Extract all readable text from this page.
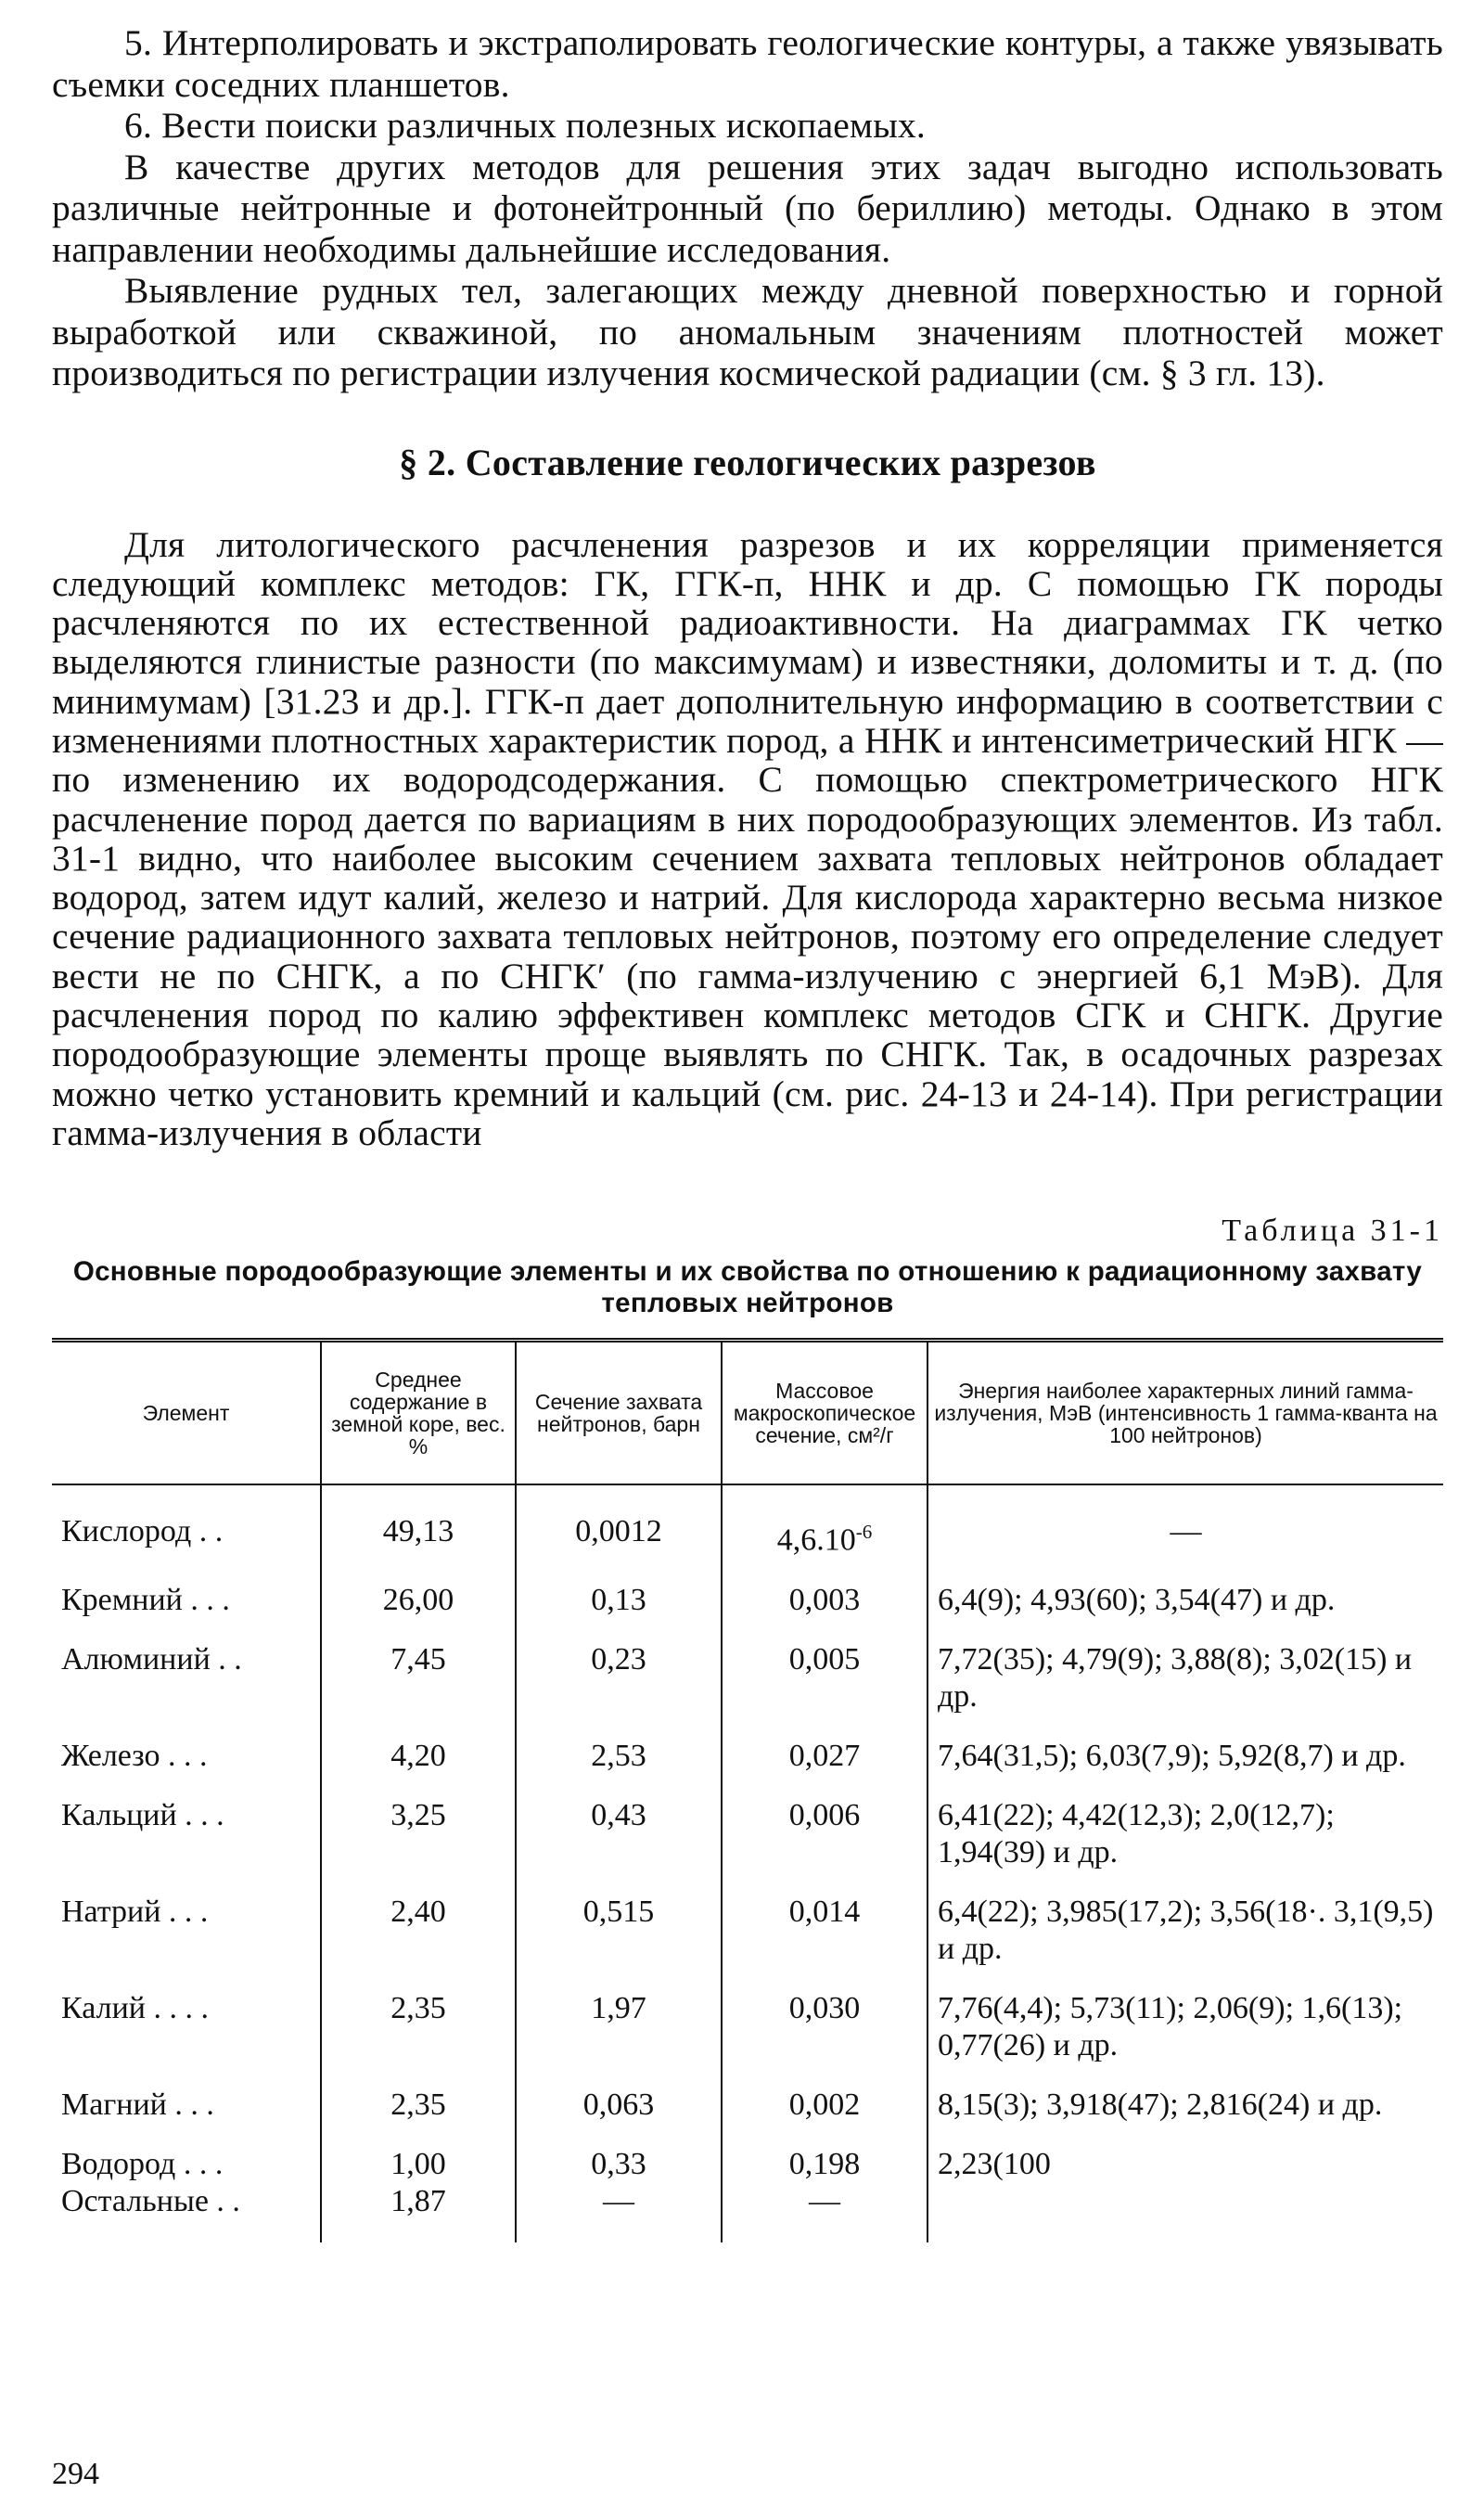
5. Интерполировать и экстраполировать геологические контуры, а также увязывать съемки соседних планшетов.

6. Вести поиски различных полезных ископаемых.

В качестве других методов для решения этих задач выгодно использовать различные нейтронные и фотонейтронный (по бериллию) методы. Однако в этом направлении необходимы дальнейшие исследования.

Выявление рудных тел, залегающих между дневной поверхностью и горной выработкой или скважиной, по аномальным значениям плотностей может производиться по регистрации излучения космической радиации (см. § 3 гл. 13).

§ 2. Составление геологических разрезов

Для литологического расчленения разрезов и их корреляции применяется следующий комплекс методов: ГК, ГГК-п, ННК и др. С помощью ГК породы расчленяются по их естественной радиоактивности. На диаграммах ГК четко выделяются глинистые разности (по максимумам) и известняки, доломиты и т. д. (по минимумам) [31.23 и др.]. ГГК-п дает дополнительную информацию в соответствии с изменениями плотностных характеристик пород, а ННК и интенсиметрический НГК — по изменению их водородсодержания. С помощью спектрометрического НГК расчленение пород дается по вариациям в них породообразующих элементов. Из табл. 31-1 видно, что наиболее высоким сечением захвата тепловых нейтронов обладает водород, затем идут калий, железо и натрий. Для кислорода характерно весьма низкое сечение радиационного захвата тепловых нейтронов, поэтому его определение следует вести не по СНГК, а по СНГК′ (по гамма-излучению с энергией 6,1 МэВ). Для расчленения пород по калию эффективен комплекс методов СГК и СНГК. Другие породообразующие элементы проще выявлять по СНГК. Так, в осадочных разрезах можно четко установить кремний и кальций (см. рис. 24-13 и 24-14). При регистрации гамма-излучения в области

Таблица 31-1
Основные породообразующие элементы и их свойства по отношению к радиационному захвату тепловых нейтронов
Элемент	Среднее содержание в земной коре, вес. %	Сечение захвата нейтронов, барн	Массовое макроскопическое сечение, см²/г	Энергия наиболее характерных линий гамма-излучения, МэВ (интенсивность 1 гамма-кванта на 100 нейтронов)
Кислород . .	49,13	0,0012	$4,6.10^{-6}$	—
Кремний . . .	26,00	0,13	0,003	6,4(9); 4,93(60); 3,54(47) и др.
Алюминий . .	7,45	0,23	0,005	7,72(35); 4,79(9); 3,88(8); 3,02(15) и др.
Железо . . .	4,20	2,53	0,027	7,64(31,5); 6,03(7,9); 5,92(8,7) и др.
Кальций . . .	3,25	0,43	0,006	6,41(22); 4,42(12,3); 2,0(12,7); 1,94(39) и др.
Натрий . . .	2,40	0,515	0,014	6,4(22); 3,985(17,2); 3,56(18·. 3,1(9,5) и др.
Калий . . . .	2,35	1,97	0,030	7,76(4,4); 5,73(11); 2,06(9); 1,6(13); 0,77(26) и др.
Магний . . .	2,35	0,063	0,002	8,15(3); 3,918(47); 2,816(24) и др.
Водород . . .	1,00	0,33	0,198	2,23(100
Остальные . .	1,87	—	—	
294
